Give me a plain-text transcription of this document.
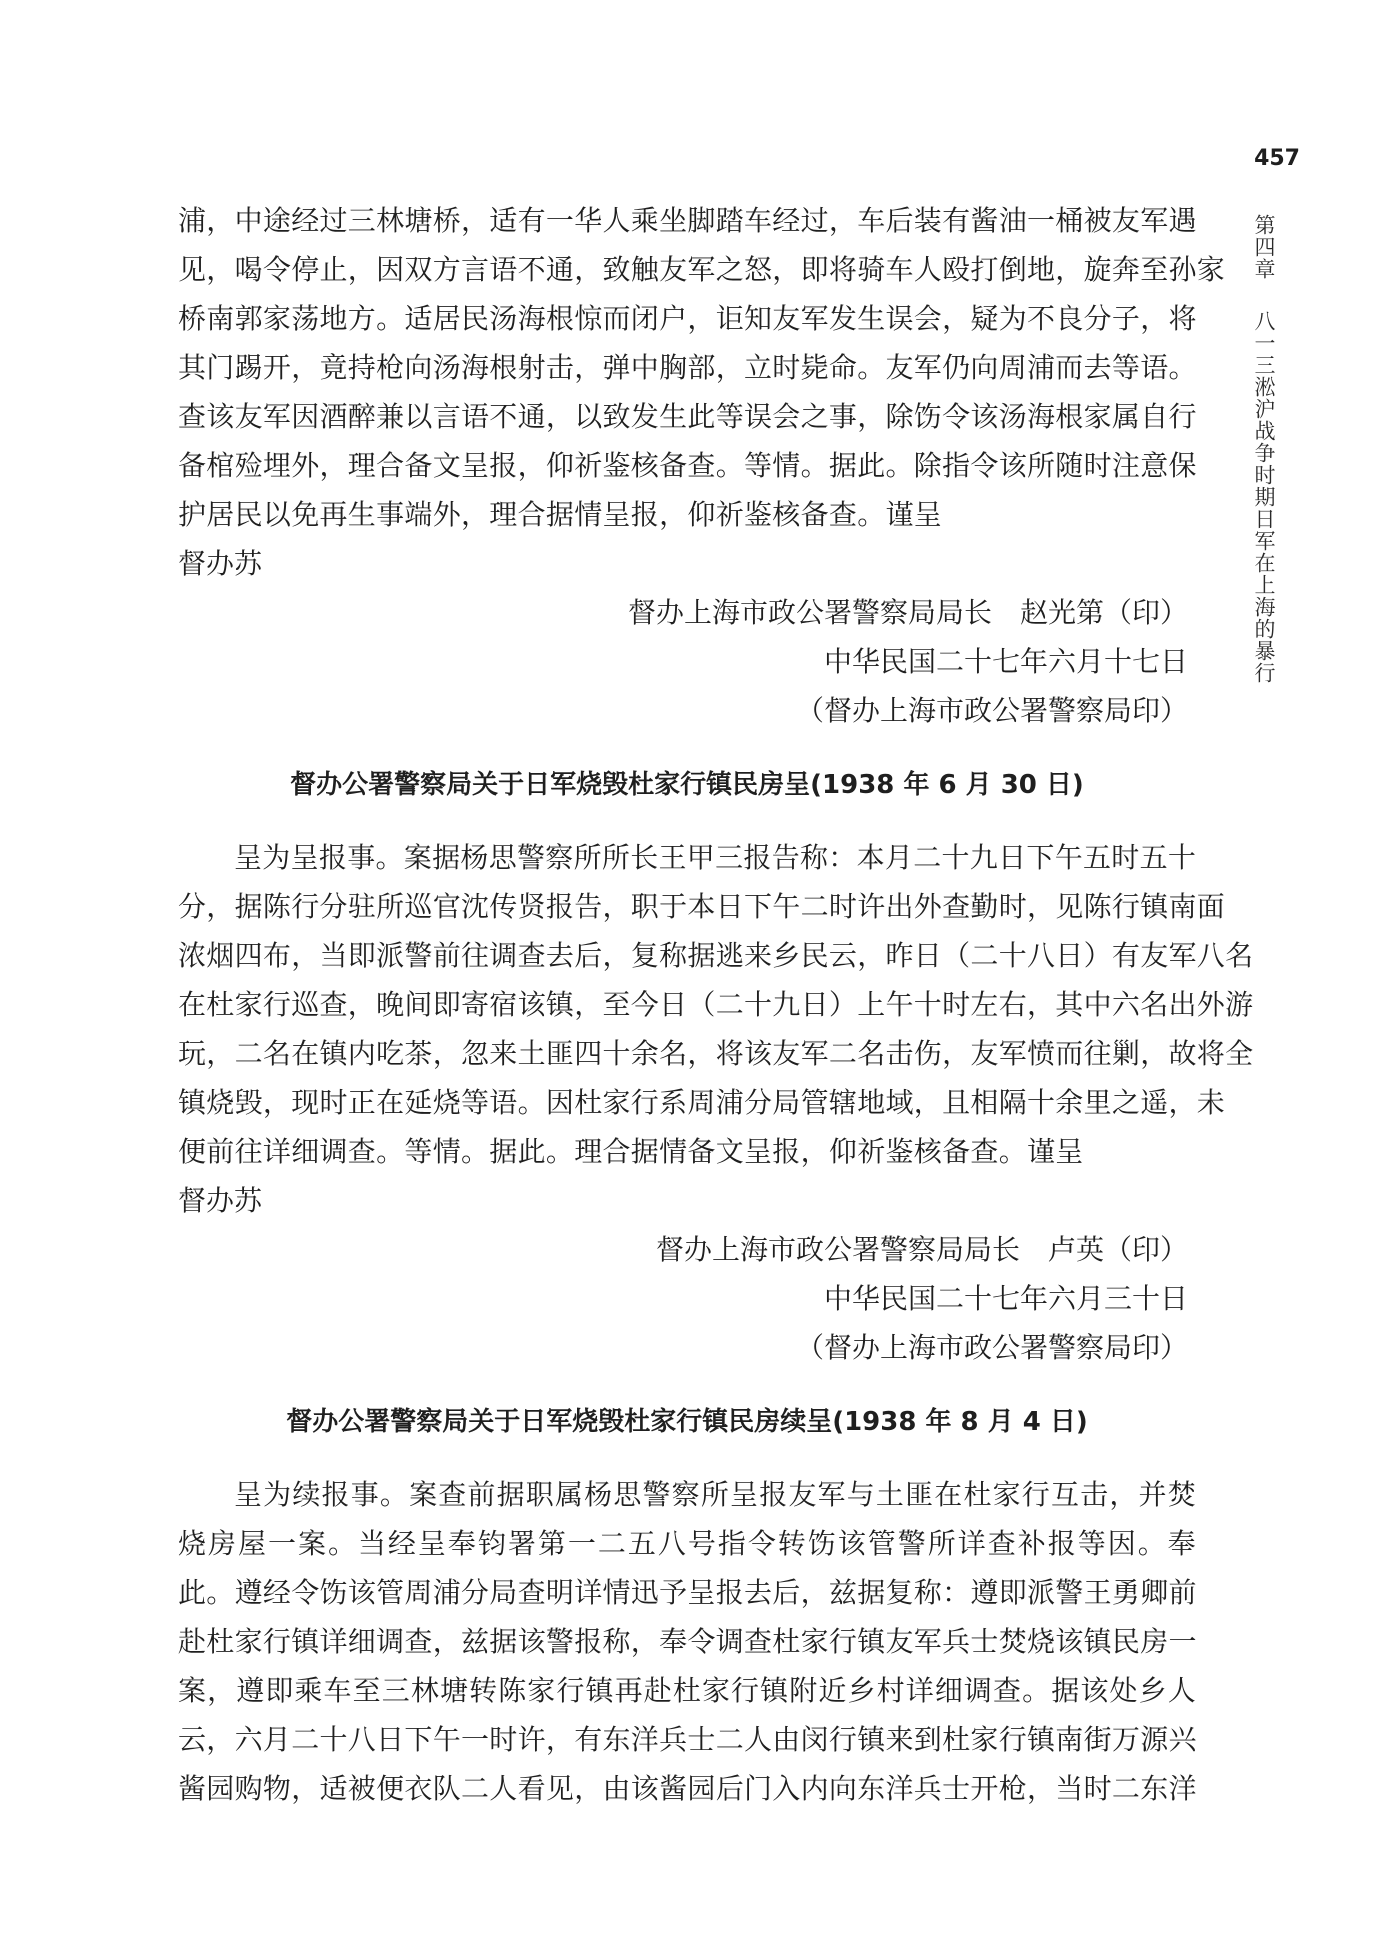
457
第四章八一三淞沪战争时期日军在上海的暴行
浦，中途经过三林塘桥，适有一华人乘坐脚踏车经过，车后装有酱油一桶被友军遇
见，喝令停止，因双方言语不通，致触友军之怒，即将骑车人殴打倒地，旋奔至孙家
桥南郭家荡地方。适居民汤海根惊而闭户，讵知友军发生误会，疑为不良分子，将
其门踢开，竟持枪向汤海根射击，弹中胸部，立时毙命。友军仍向周浦而去等语。
查该友军因酒醉兼以言语不通，以致发生此等误会之事，除饬令该汤海根家属自行
备棺殓埋外，理合备文呈报，仰祈鉴核备查。等情。据此。除指令该所随时注意保
护居民以免再生事端外，理合据情呈报，仰祈鉴核备查。谨呈

督办苏

督办上海市政公署警察局局长　赵光第（印）

中华民国二十七年六月十七日

（督办上海市政公署警察局印）

督办公署警察局关于日军烧毁杜家行镇民房呈(1938 年 6 月 30 日)
呈为呈报事。案据杨思警察所所长王甲三报告称：本月二十九日下午五时五十
分，据陈行分驻所巡官沈传贤报告，职于本日下午二时许出外查勤时，见陈行镇南面
浓烟四布，当即派警前往调查去后，复称据逃来乡民云，昨日（二十八日）有友军八名
在杜家行巡查，晚间即寄宿该镇，至今日（二十九日）上午十时左右，其中六名出外游
玩，二名在镇内吃茶，忽来土匪四十余名，将该友军二名击伤，友军愤而往剿，故将全
镇烧毁，现时正在延烧等语。因杜家行系周浦分局管辖地域，且相隔十余里之遥，未
便前往详细调查。等情。据此。理合据情备文呈报，仰祈鉴核备查。谨呈

督办苏

督办上海市政公署警察局局长　卢英（印）

中华民国二十七年六月三十日

（督办上海市政公署警察局印）

督办公署警察局关于日军烧毁杜家行镇民房续呈(1938 年 8 月 4 日)
呈为续报事。案查前据职属杨思警察所呈报友军与土匪在杜家行互击，并焚
烧房屋一案。当经呈奉钧署第一二五八号指令转饬该管警所详查补报等因。奉
此。遵经令饬该管周浦分局查明详情迅予呈报去后，兹据复称：遵即派警王勇卿前
赴杜家行镇详细调查，兹据该警报称，奉令调查杜家行镇友军兵士焚烧该镇民房一
案，遵即乘车至三林塘转陈家行镇再赴杜家行镇附近乡村详细调查。据该处乡人
云，六月二十八日下午一时许，有东洋兵士二人由闵行镇来到杜家行镇南街万源兴
酱园购物，适被便衣队二人看见，由该酱园后门入内向东洋兵士开枪，当时二东洋
